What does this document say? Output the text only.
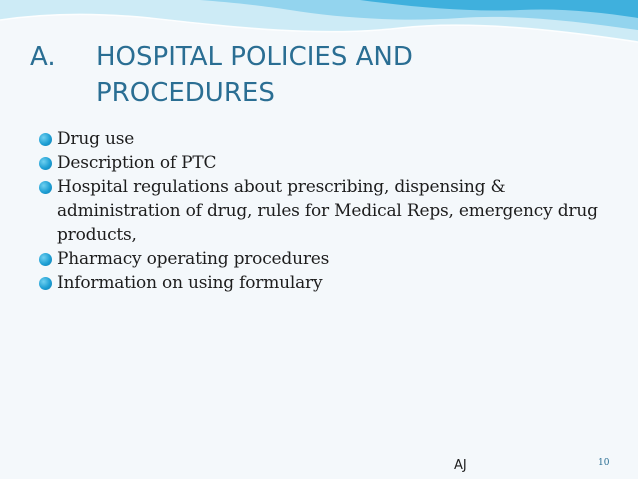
A. HOSPITAL POLICIES AND PROCEDURES
Drug use
Description of PTC
Hospital regulations about prescribing, dispensing & administration of drug, rules for Medical Reps, emergency drug products,
Pharmacy operating procedures
Information on using formulary
AJ	10
